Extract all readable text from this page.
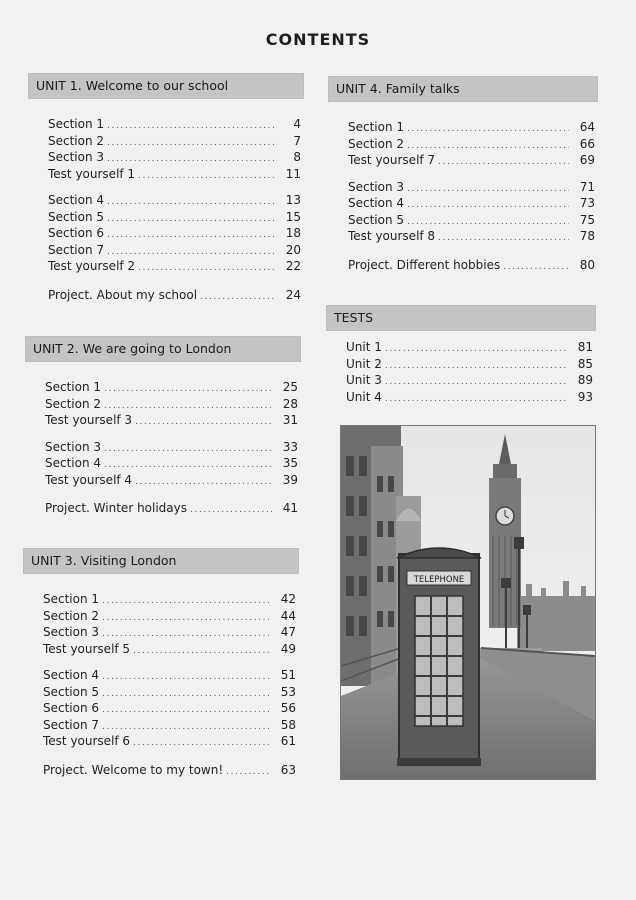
CONTENTS
UNIT 1. Welcome to our school
Section 1 .....	4
Section 2 .....	7
Section 3 .....	8
Test yourself 1 .....	11
Section 4 .....	13
Section 5 .....	15
Section 6 .....	18
Section 7 .....	20
Test yourself 2 .....	22
Project. About my school .....	24
UNIT 2. We are going to London
Section 1 .....	25
Section 2 .....	28
Test yourself 3 .....	31
Section 3 .....	33
Section 4 .....	35
Test yourself 4 .....	39
Project. Winter holidays .....	41
UNIT 3. Visiting London
Section 1 .....	42
Section 2 .....	44
Section 3 .....	47
Test yourself 5 .....	49
Section 4 .....	51
Section 5 .....	53
Section 6 .....	56
Section 7 .....	58
Test yourself 6 .....	61
Project. Welcome to my town! .....	63
UNIT 4. Family talks
Section 1 .....	64
Section 2 .....	66
Test yourself 7 .....	69
Section 3 .....	71
Section 4 .....	73
Section 5 .....	75
Test yourself 8 .....	78
Project. Different hobbies .....	80
TESTS
Unit 1 .....	81
Unit 2 .....	85
Unit 3 .....	89
Unit 4 .....	93
TELEPHONE
